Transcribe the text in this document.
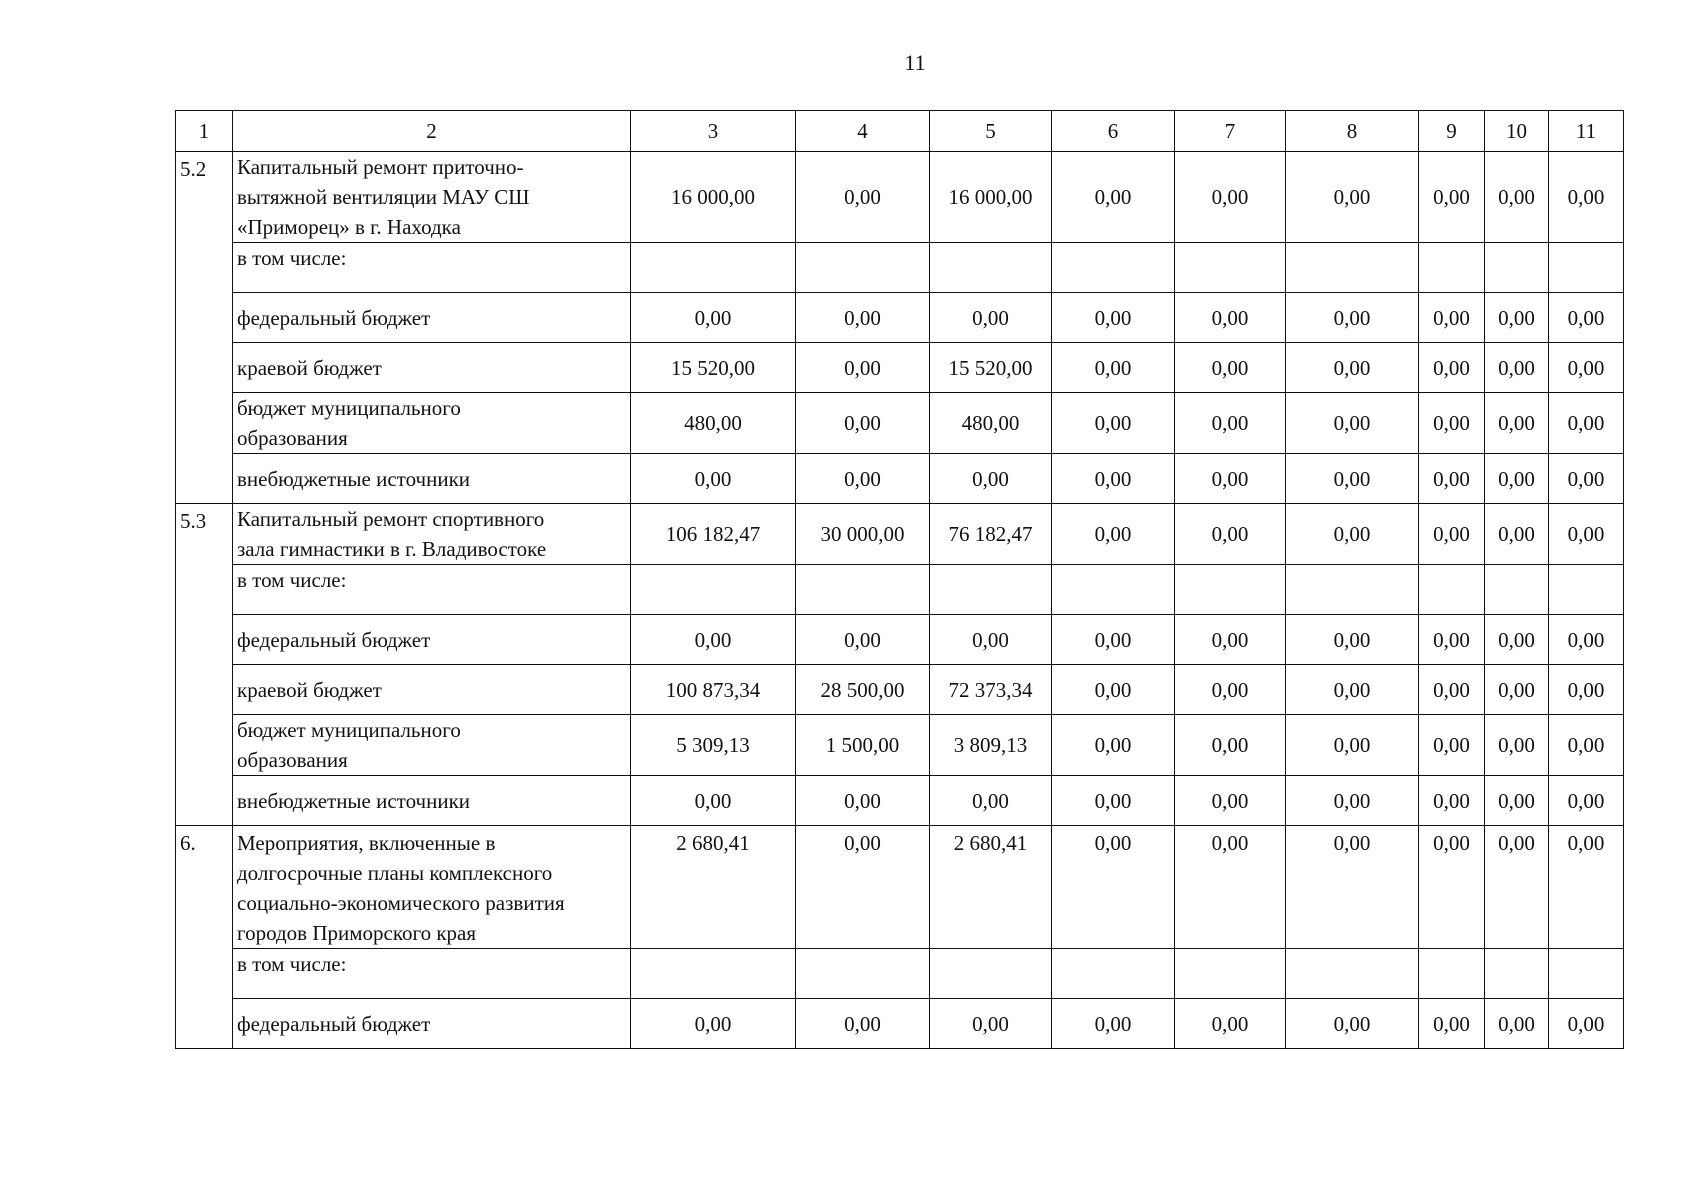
11
1	2	3	4	5	6	7	8	9	10	11
5.2	Капитальный ремонт приточно-
вытяжной вентиляции МАУ СШ
«Приморец» в г. Находка	16 000,00	0,00	16 000,00	0,00	0,00	0,00	0,00	0,00	0,00
	в том числе:									
	федеральный бюджет	0,00	0,00	0,00	0,00	0,00	0,00	0,00	0,00	0,00
	краевой бюджет	15 520,00	0,00	15 520,00	0,00	0,00	0,00	0,00	0,00	0,00
	бюджет муниципального
образования	480,00	0,00	480,00	0,00	0,00	0,00	0,00	0,00	0,00
	внебюджетные источники	0,00	0,00	0,00	0,00	0,00	0,00	0,00	0,00	0,00
5.3	Капитальный ремонт спортивного
зала гимнастики в г. Владивостоке	106 182,47	30 000,00	76 182,47	0,00	0,00	0,00	0,00	0,00	0,00
	в том числе:									
	федеральный бюджет	0,00	0,00	0,00	0,00	0,00	0,00	0,00	0,00	0,00
	краевой бюджет	100 873,34	28 500,00	72 373,34	0,00	0,00	0,00	0,00	0,00	0,00
	бюджет муниципального
образования	5 309,13	1 500,00	3 809,13	0,00	0,00	0,00	0,00	0,00	0,00
	внебюджетные источники	0,00	0,00	0,00	0,00	0,00	0,00	0,00	0,00	0,00
6.	Мероприятия, включенные в
долгосрочные планы комплексного
социально-экономического развития
городов Приморского края	2 680,41	0,00	2 680,41	0,00	0,00	0,00	0,00	0,00	0,00
	в том числе:									
	федеральный бюджет	0,00	0,00	0,00	0,00	0,00	0,00	0,00	0,00	0,00
